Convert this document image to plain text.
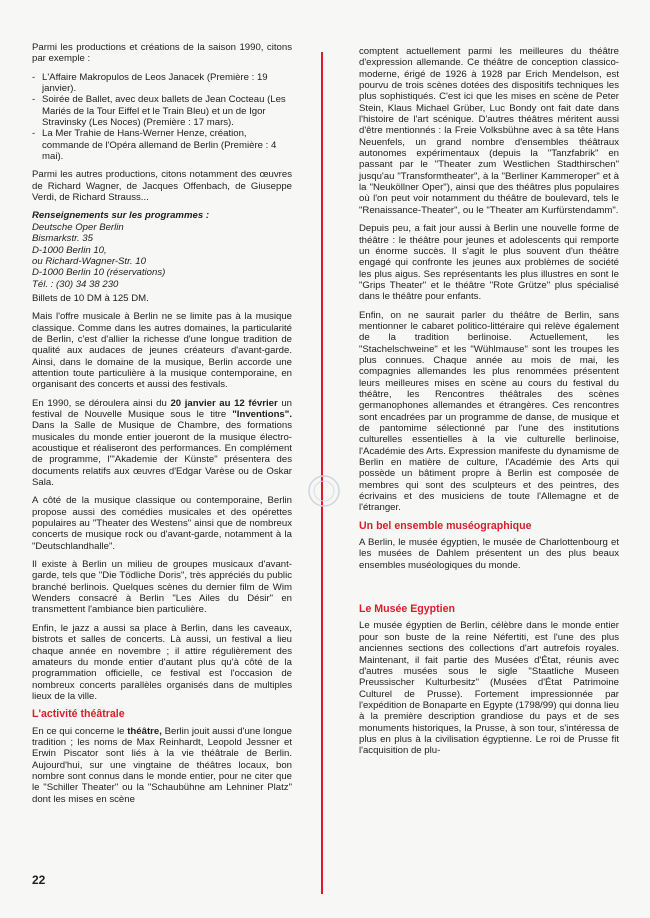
Parmi les productions et créations de la saison 1990, citons par exemple :

- L'Affaire Makropulos de Leos Janacek (Première : 19 janvier).
- Soirée de Ballet, avec deux ballets de Jean Cocteau (Les Mariés de la Tour Eiffel et le Train Bleu) et un de Igor Stravinsky (Les Noces) (Première : 17 mars).
- La Mer Trahie de Hans-Werner Henze, création, commande de l'Opéra allemand de Berlin (Première : 4 mai).

Parmi les autres productions, citons notamment des œuvres de Richard Wagner, de Jacques Offenbach, de Giuseppe Verdi, de Richard Strauss...

Renseignements sur les programmes :
Deutsche Oper Berlin
Bismarkstr. 35
D-1000 Berlin 10,
ou Richard-Wagner-Str. 10
D-1000 Berlin 10 (réservations)
Tél. : (30) 34 38 230

Billets de 10 DM à 125 DM.

Mais l'offre musicale à Berlin ne se limite pas à la musique classique. Comme dans les autres domaines, la particularité de Berlin, c'est d'allier la richesse d'une longue tradition de qualité aux audaces de jeunes créateurs d'avant-garde. Ainsi, dans le domaine de la musique, Berlin accorde une attention toute particulière à la musique contemporaine, en organisant des concerts et aussi des festivals.

En 1990, se déroulera ainsi du 20 janvier au 12 février un festival de Nouvelle Musique sous le titre "Inventions". Dans la Salle de Musique de Chambre, des formations musicales du monde entier joueront de la musique électro-acoustique et réaliseront des performances. En complément de programme, l'"Akademie der Künste" présentera des documents relatifs aux œuvres d'Edgar Varèse ou de Oskar Sala.

A côté de la musique classique ou contemporaine, Berlin propose aussi des comédies musicales et des opérettes populaires au "Theater des Westens" ainsi que de nombreux concerts de musique rock ou d'avant-garde, notamment à la "Deutschlandhalle".

Il existe à Berlin un milieu de groupes musicaux d'avant-garde, tels que "Die Tödliche Doris", très appréciés du public branché berlinois. Quelques scènes du dernier film de Wim Wenders consacré à Berlin "Les Ailes du Désir" en transmettent l'ambiance bien particulière.

Enfin, le jazz a aussi sa place à Berlin, dans les caveaux, bistrots et salles de concerts. Là aussi, un festival a lieu chaque année en novembre ; il attire régulièrement des amateurs du monde entier d'autant plus qu'à côté de la programmation officielle, ce festival est l'occasion de nombreux concerts parallèles organisés dans de multiples lieux de la ville.

L'activité théâtrale

En ce qui concerne le théâtre, Berlin jouit aussi d'une longue tradition ; les noms de Max Reinhardt, Leopold Jessner et Erwin Piscator sont liés à la vie théâtrale de Berlin. Aujourd'hui, sur une vingtaine de théâtres locaux, bon nombre sont connus dans le monde entier, pour ne citer que le "Schiller Theater" ou la "Schaubühne am Lehniner Platz" dont les mises en scène

comptent actuellement parmi les meilleures du théâtre d'expression allemande. Ce théâtre de conception classico-moderne, érigé de 1926 à 1928 par Erich Mendelson, est pourvu de trois scènes dotées des dispositifs techniques les plus sophistiqués. C'est ici que les mises en scène de Peter Stein, Klaus Michael Grüber, Luc Bondy ont fait date dans l'histoire de l'art scénique. D'autres théâtres méritent aussi d'être mentionnés : la Freie Volksbühne avec à sa tête Hans Neuenfels, un grand nombre d'ensembles théâtraux autonomes expérimentaux (depuis la "Tanzfabrik" en passant par le "Theater zum Westlichen Stadthirschen" jusqu'au "Transformtheater", à la "Berliner Kammeroper" et à la "Neuköllner Oper"), ainsi que des théâtres plus populaires où l'on peut voir notamment du théâtre de boulevard, tels le "Renaissance-Theater", ou le "Theater am Kurfürstendamm".

Depuis peu, a fait jour aussi à Berlin une nouvelle forme de théâtre : le théâtre pour jeunes et adolescents qui remporte un énorme succès. Il s'agit le plus souvent d'un théâtre engagé qui confronte les jeunes aux problèmes de société les plus aigus. Ses représentants les plus illustres en sont le "Grips Theater" et le théâtre "Rote Grütze" plus spécialisé dans le théâtre pour enfants.

Enfin, on ne saurait parler du théâtre de Berlin, sans mentionner le cabaret politico-littéraire qui relève également de la tradition berlinoise. Actuellement, les "Stachelschweine" et les "Wühlmause" sont les troupes les plus connues. Chaque année au mois de mai, les compagnies allemandes les plus renommées présentent leurs meilleures mises en scène au cours du festival du théâtre, les Rencontres théâtrales des scènes germanophones allemandes et étrangères. Ces rencontres sont encadrées par un programme de danse, de musique et de pantomime sélectionné par l'une des institutions culturelles essentielles à la vie culturelle berlinoise, l'Académie des Arts. Expression manifeste du dynamisme de Berlin en matière de culture, l'Académie des Arts qui possède un bâtiment propre à Berlin est composée de membres qui sont des sculpteurs et des peintres, des écrivains et des musiciens de toute l'Allemagne et de l'étranger.

Un bel ensemble muséographique

A Berlin, le musée égyptien, le musée de Charlottenbourg et les musées de Dahlem présentent un des plus beaux ensembles muséologiques du monde.

Le Musée Egyptien

Le musée égyptien de Berlin, célèbre dans le monde entier pour son buste de la reine Néfertiti, est l'une des plus anciennes sections des collections d'art autrefois royales. Maintenant, il fait partie des Musées d'État, réunis avec d'autres musées sous le sigle "Staatliche Museen Preussischer Kulturbesitz" (Musées d'État Patrimoine Culturel de Prusse). Fortement impressionnée par l'expédition de Bonaparte en Egypte (1798/99) qui donna lieu à la première description grandiose du pays et de ses monuments historiques, la Prusse, à son tour, s'intéressa de plus en plus à la civilisation égyptienne. Le roi de Prusse fit l'acquisition de plu-

22
